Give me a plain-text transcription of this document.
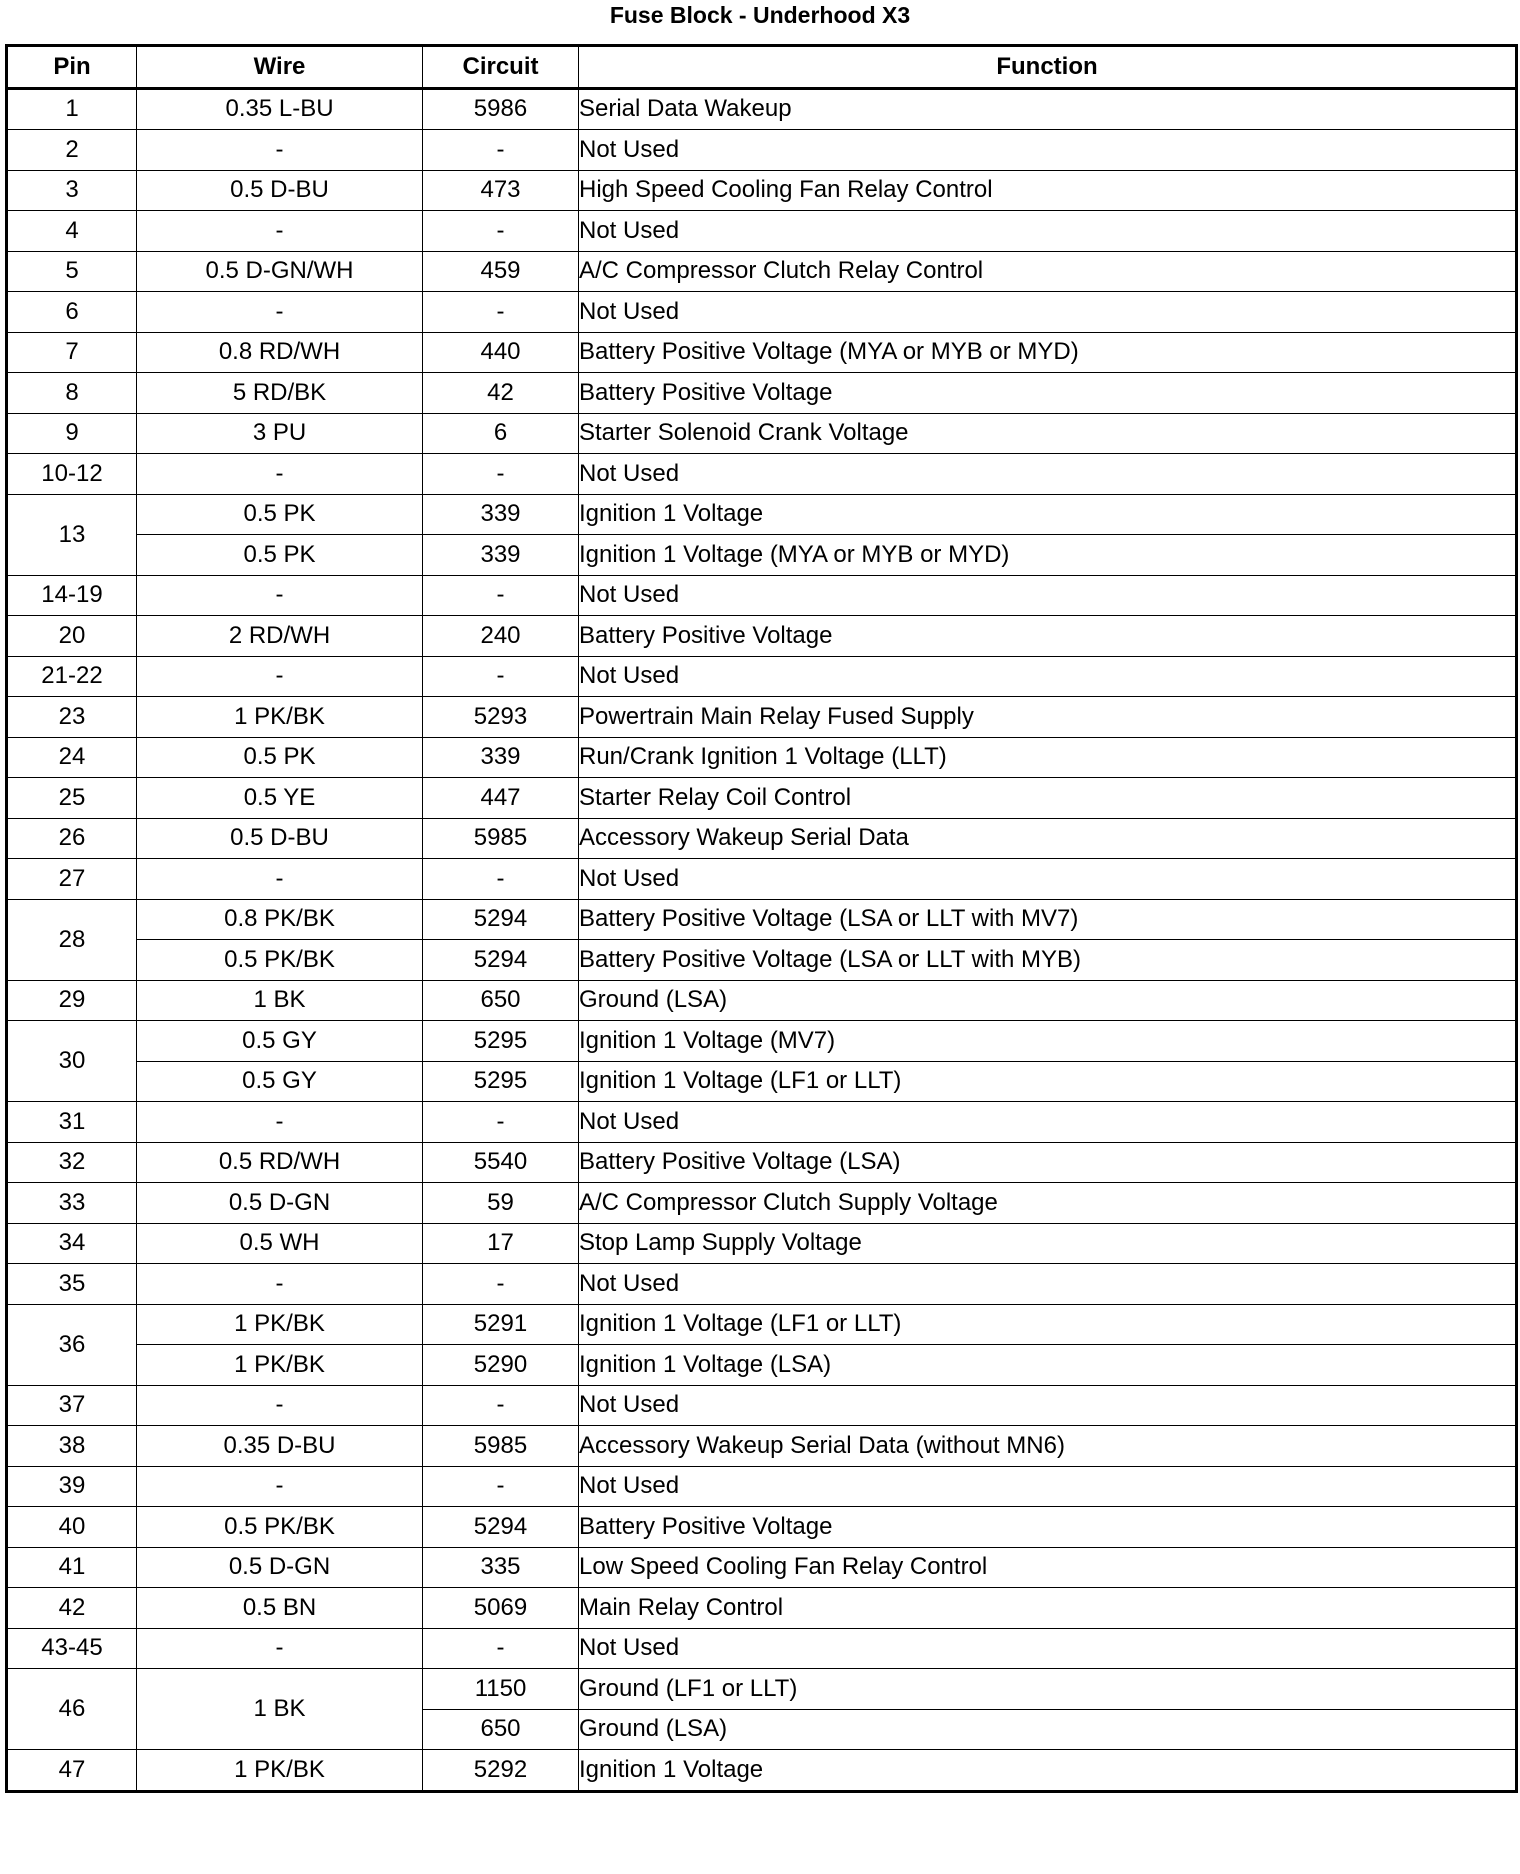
Fuse Block - Underhood X3
Pin	Wire	Circuit	Function
1	0.35 L-BU	5986	Serial Data Wakeup
2	-	-	Not Used
3	0.5 D-BU	473	High Speed Cooling Fan Relay Control
4	-	-	Not Used
5	0.5 D-GN/WH	459	A/C Compressor Clutch Relay Control
6	-	-	Not Used
7	0.8 RD/WH	440	Battery Positive Voltage (MYA or MYB or MYD)
8	5 RD/BK	42	Battery Positive Voltage
9	3 PU	6	Starter Solenoid Crank Voltage
10-12	-	-	Not Used
13	0.5 PK	339	Ignition 1 Voltage
	0.5 PK	339	Ignition 1 Voltage (MYA or MYB or MYD)
14-19	-	-	Not Used
20	2 RD/WH	240	Battery Positive Voltage
21-22	-	-	Not Used
23	1 PK/BK	5293	Powertrain Main Relay Fused Supply
24	0.5 PK	339	Run/Crank Ignition 1 Voltage (LLT)
25	0.5 YE	447	Starter Relay Coil Control
26	0.5 D-BU	5985	Accessory Wakeup Serial Data
27	-	-	Not Used
28	0.8 PK/BK	5294	Battery Positive Voltage (LSA or LLT with MV7)
	0.5 PK/BK	5294	Battery Positive Voltage (LSA or LLT with MYB)
29	1 BK	650	Ground (LSA)
30	0.5 GY	5295	Ignition 1 Voltage (MV7)
	0.5 GY	5295	Ignition 1 Voltage (LF1 or LLT)
31	-	-	Not Used
32	0.5 RD/WH	5540	Battery Positive Voltage (LSA)
33	0.5 D-GN	59	A/C Compressor Clutch Supply Voltage
34	0.5 WH	17	Stop Lamp Supply Voltage
35	-	-	Not Used
36	1 PK/BK	5291	Ignition 1 Voltage (LF1 or LLT)
	1 PK/BK	5290	Ignition 1 Voltage (LSA)
37	-	-	Not Used
38	0.35 D-BU	5985	Accessory Wakeup Serial Data (without MN6)
39	-	-	Not Used
40	0.5 PK/BK	5294	Battery Positive Voltage
41	0.5 D-GN	335	Low Speed Cooling Fan Relay Control
42	0.5 BN	5069	Main Relay Control
43-45	-	-	Not Used
46	1 BK	1150	Ground (LF1 or LLT)
		650	Ground (LSA)
47	1 PK/BK	5292	Ignition 1 Voltage
